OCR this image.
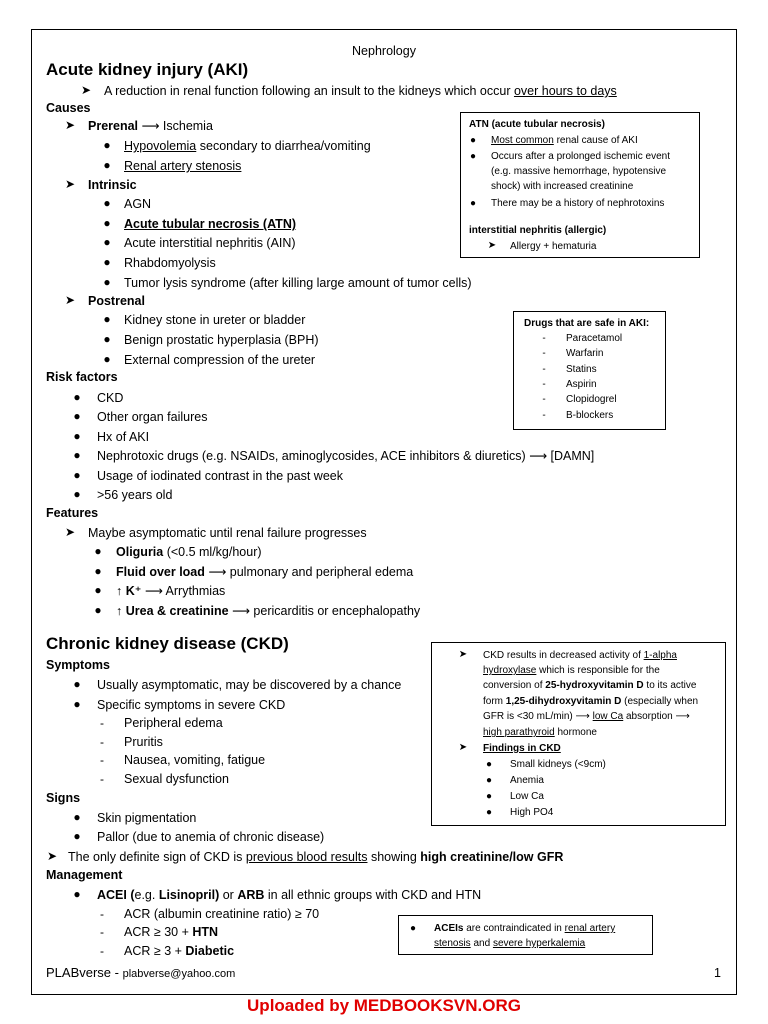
Nephrology
Acute kidney injury (AKI)
➤ A reduction in renal function following an insult to the kidneys which occur over hours to days
Causes
➤ Prerenal ⟶ Ischemia
● Hypovolemia secondary to diarrhea/vomiting
● Renal artery stenosis
➤ Intrinsic
● AGN
● Acute tubular necrosis (ATN)
● Acute interstitial nephritis (AIN)
● Rhabdomyolysis
● Tumor lysis syndrome (after killing large amount of tumor cells)
➤ Postrenal
● Kidney stone in ureter or bladder
● Benign prostatic hyperplasia (BPH)
● External compression of the ureter
Risk factors
● CKD
● Other organ failures
● Hx of AKI
● Nephrotoxic drugs (e.g. NSAIDs, aminoglycosides, ACE inhibitors & diuretics) ⟶ [DAMN]
● Usage of iodinated contrast in the past week
● >56 years old
Features
➤ Maybe asymptomatic until renal failure progresses
● Oliguria (<0.5 ml/kg/hour)
● Fluid over load ⟶ pulmonary and peripheral edema
● ↑ K⁺ ⟶ Arrythmias
● ↑ Urea & creatinine ⟶ pericarditis or encephalopathy
Chronic kidney disease (CKD)
Symptoms
● Usually asymptomatic, may be discovered by a chance
● Specific symptoms in severe CKD
-	Peripheral edema
-	Pruritis
-	Nausea, vomiting, fatigue
-	Sexual dysfunction
Signs
● Skin pigmentation
● Pallor (due to anemia of chronic disease)
➤ The only definite sign of CKD is previous blood results showing high creatinine/low GFR
Management
● ACEI (e.g. Lisinopril) or ARB in all ethnic groups with CKD and HTN
-	ACR (albumin creatinine ratio) ≥ 70
-	ACR ≥ 30 + HTN
-	ACR ≥ 3 + Diabetic
ATN (acute tubular necrosis)
● Most common renal cause of AKI
● Occurs after a prolonged ischemic event
(e.g. massive hemorrhage, hypotensive
shock) with increased creatinine
● There may be a history of nephrotoxins
interstitial nephritis (allergic)
➤ Allergy + hematuria
Drugs that are safe in AKI:
-	Paracetamol
-	Warfarin
-	Statins
-	Aspirin
-	Clopidogrel
-	B-blockers
➤ CKD results in decreased activity of 1-alpha
hydroxylase which is responsible for the
conversion of 25-hydroxyvitamin D to its active
form 1,25-dihydroxyvitamin D (especially when
GFR is <30 mL/min) ⟶ low Ca absorption ⟶
high parathyroid hormone
➤ Findings in CKD
● Small kidneys (<9cm)
● Anemia
● Low Ca
● High PO4
● ACEIs are contraindicated in renal artery
stenosis and severe hyperkalemia
PLABverse - plabverse@yahoo.com	1
Uploaded by MEDBOOKSVN.ORG
